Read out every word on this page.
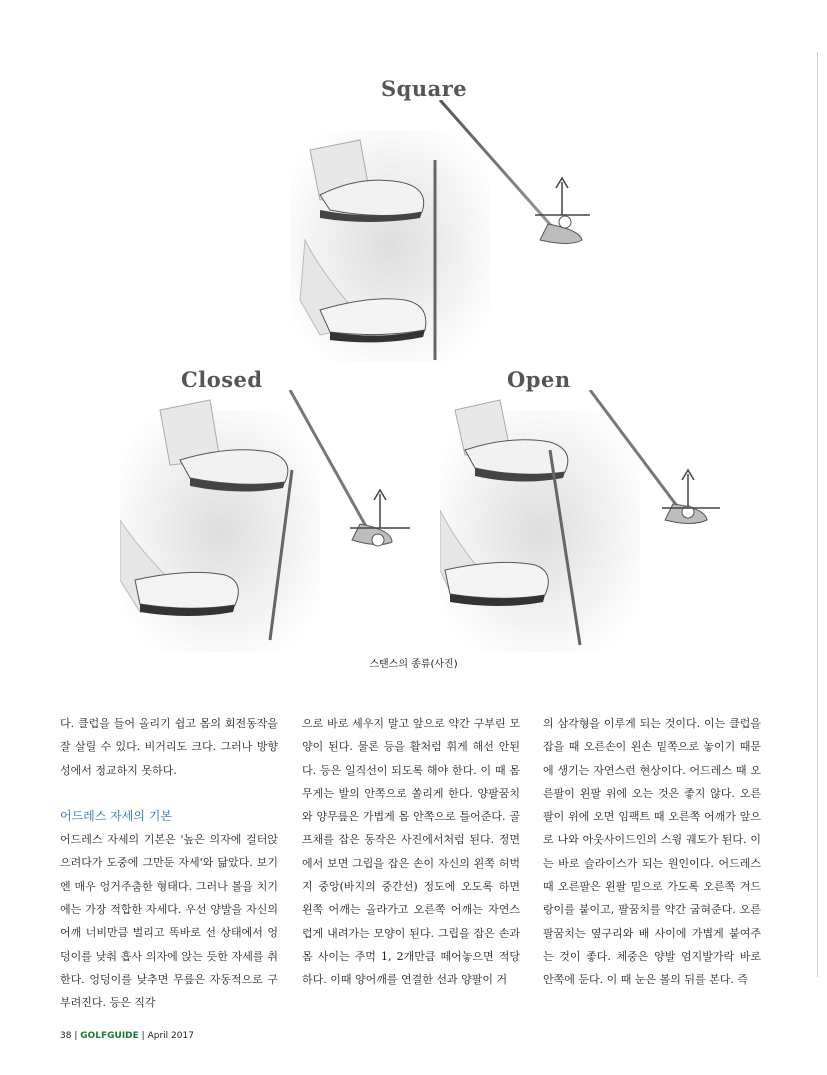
Square
Closed	Open
스탠스의 종류(사진)

다. 클럽을 들어 올리기 쉽고 몸의 회전동작을 잘 살릴 수 있다. 비거리도 크다. 그러나 방향성에서 정교하지 못하다.

어드레스 자세의 기본

어드레스 자세의 기본은 '높은 의자에 걸터앉으려다가 도중에 그만둔 자세'와 닮았다. 보기엔 매우 엉거주춤한 형태다. 그러나 볼을 치기에는 가장 적합한 자세다. 우선 양발을 자신의 어깨 너비만큼 벌리고 똑바로 선 상태에서 엉덩이를 낮춰 흡사 의자에 앉는 듯한 자세를 취한다. 엉덩이를 낮추면 무릎은 자동적으로 구부려진다. 등은 직각

으로 바로 세우지 말고 앞으로 약간 구부린 모양이 된다. 물론 등을 활처럼 휘게 해선 안된다. 등은 일직선이 되도록 해야 한다. 이 때 몸무게는 발의 안쪽으로 쏠리게 한다. 양팔꿈치와 양무릎은 가볍게 몸 안쪽으로 틀어준다. 골프채를 잡은 동작은 사진에서처럼 된다. 정면에서 보면 그립을 잡은 손이 자신의 왼쪽 허벅지 중앙(바지의 중간선) 정도에 오도록 하면 왼쪽 어깨는 올라가고 오른쪽 어깨는 자연스럽게 내려가는 모양이 된다. 그립을 잡은 손과 몸 사이는 주먹 1, 2개만큼 떼어놓으면 적당하다. 이때 양어깨를 연결한 선과 양팔이 거

의 삼각형을 이루게 되는 것이다. 이는 클럽을 잡을 때 오른손이 왼손 밑쪽으로 놓이기 때문에 생기는 자연스런 현상이다. 어드레스 때 오른팔이 왼팔 위에 오는 것은 좋지 않다. 오른팔이 위에 오면 임팩트 때 오른쪽 어깨가 앞으로 나와 아웃사이드인의 스윙 궤도가 된다. 이는 바로 슬라이스가 되는 원인이다. 어드레스 때 오른팔은 왼팔 밑으로 가도록 오른쪽 겨드랑이를 붙이고, 팔꿈치를 약간 굽혀준다. 오른팔꿈치는 옆구리와 배 사이에 가볍게 붙여주는 것이 좋다. 체중은 양발 엄지발가락 바로 안쪽에 둔다. 이 때 눈은 볼의 뒤를 본다. 즉

38 | GOLFGUIDE | April 2017
